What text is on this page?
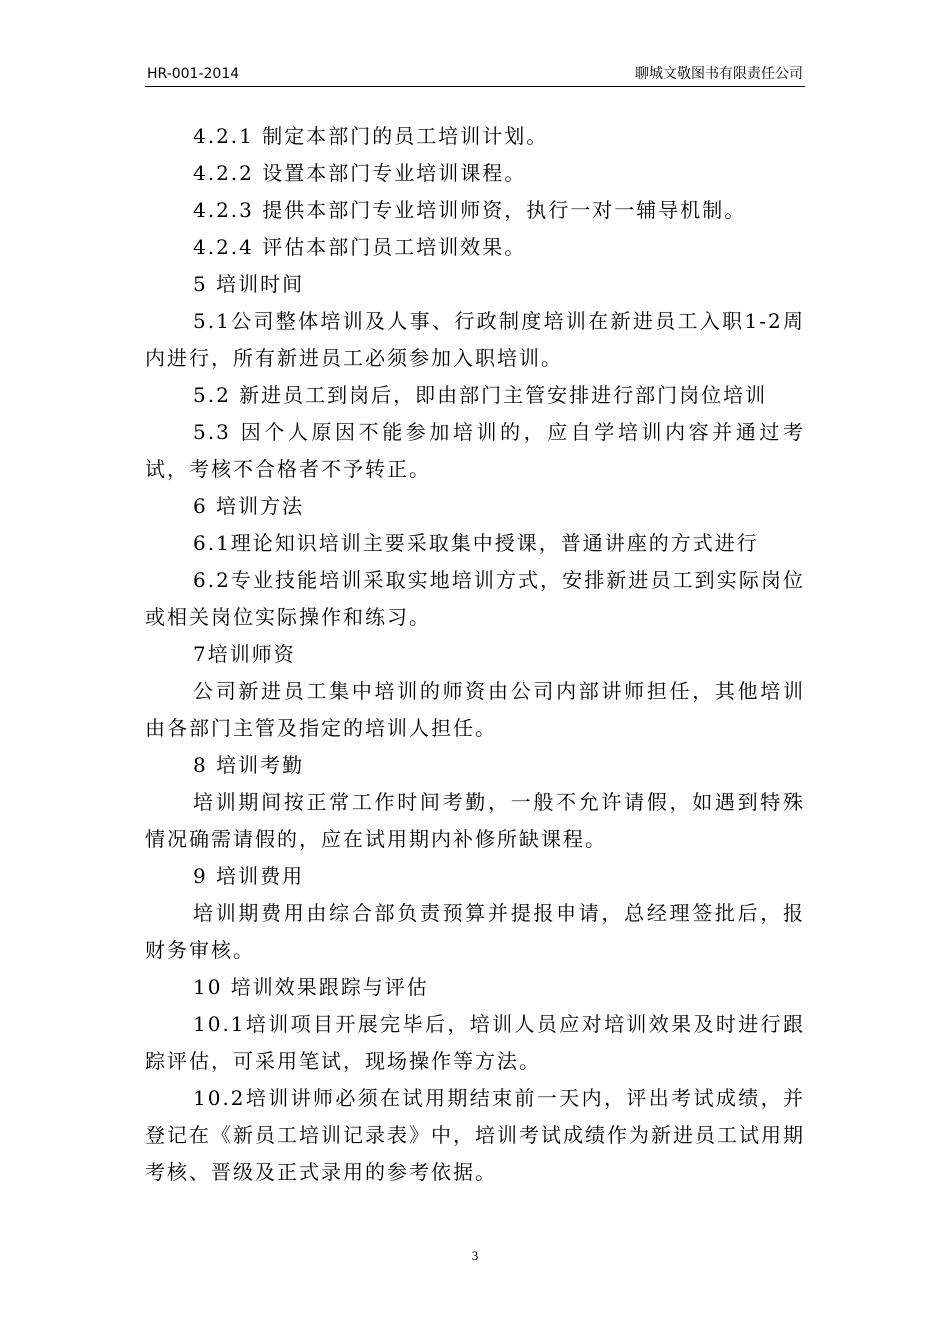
HR-001-2014	聊城文敬图书有限责任公司

4.2.1 制定本部门的员工培训计划。

4.2.2 设置本部门专业培训课程。

4.2.3 提供本部门专业培训师资，执行一对一辅导机制。

4.2.4 评估本部门员工培训效果。

5 培训时间

5.1公司整体培训及人事、行政制度培训在新进员工入职1-2周内进行，所有新进员工必须参加入职培训。

5.2 新进员工到岗后，即由部门主管安排进行部门岗位培训

5.3 因个人原因不能参加培训的，应自学培训内容并通过考试，考核不合格者不予转正。

6 培训方法

6.1理论知识培训主要采取集中授课，普通讲座的方式进行

6.2专业技能培训采取实地培训方式，安排新进员工到实际岗位或相关岗位实际操作和练习。

7培训师资

公司新进员工集中培训的师资由公司内部讲师担任，其他培训由各部门主管及指定的培训人担任。

8 培训考勤

培训期间按正常工作时间考勤，一般不允许请假，如遇到特殊情况确需请假的，应在试用期内补修所缺课程。

9 培训费用

培训期费用由综合部负责预算并提报申请，总经理签批后，报财务审核。

10 培训效果跟踪与评估

10.1培训项目开展完毕后，培训人员应对培训效果及时进行跟踪评估，可采用笔试，现场操作等方法。

10.2培训讲师必须在试用期结束前一天内，评出考试成绩，并登记在《新员工培训记录表》中，培训考试成绩作为新进员工试用期考核、晋级及正式录用的参考依据。

3
